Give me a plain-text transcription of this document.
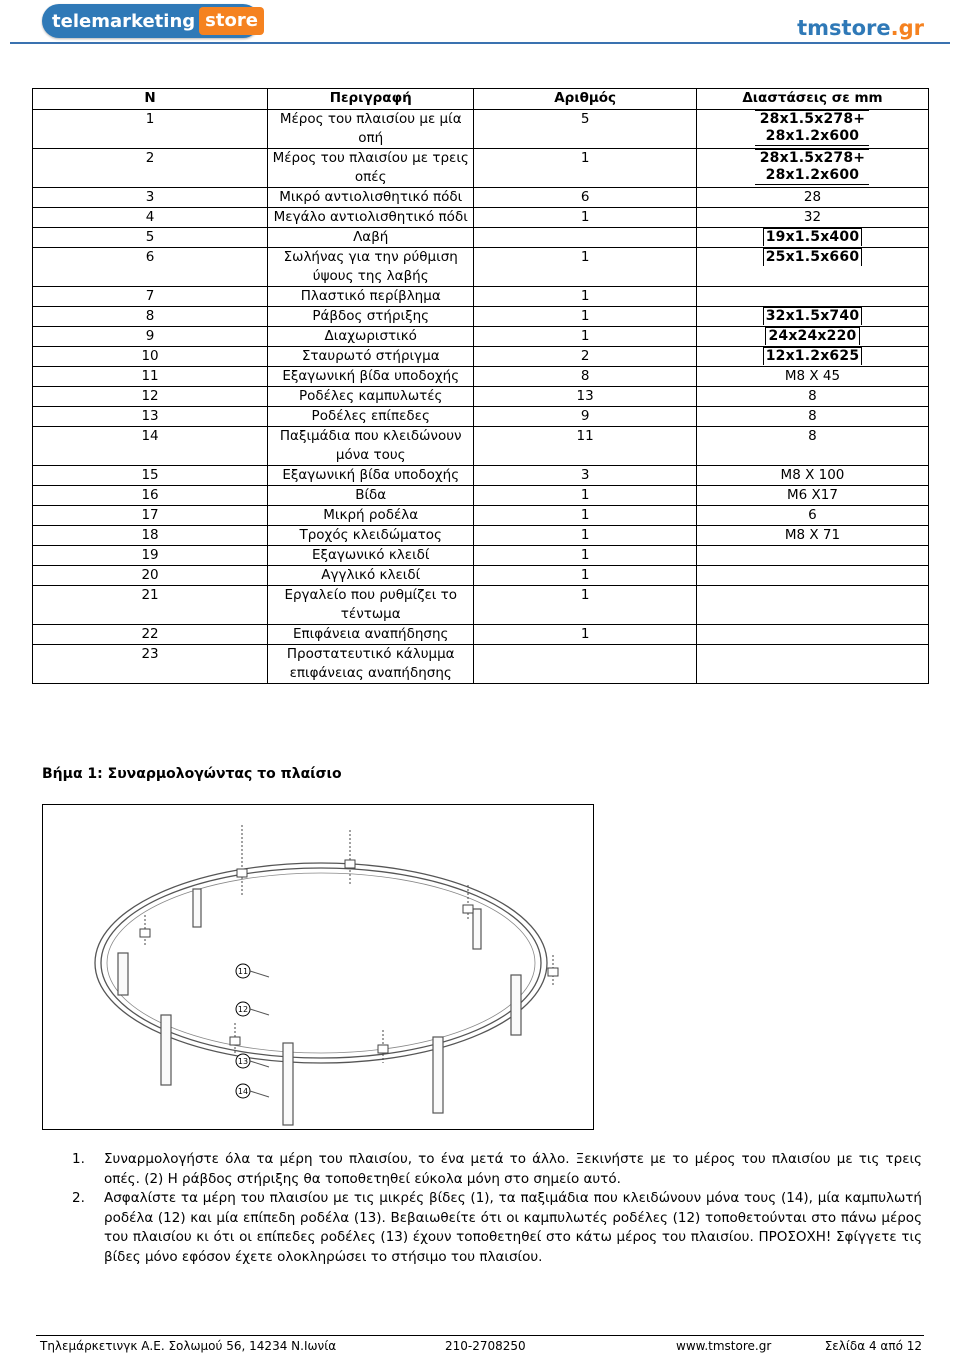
telemarketing store	®
tmstore.gr
N	Περιγραφή	Αριθμός	Διαστάσεις σε mm
1	Μέρος του πλαισίου με μία οπή	5	28x1.5x278+
28x1.2x600

2	Μέρος του πλαισίου με τρεις οπές	1	28x1.5x278+
28x1.2x600

3	Μικρό αντιολισθητικό πόδι	6	28

4	Μεγάλο αντιολισθητικό πόδι	1	32

5	Λαβή		19x1.5x400
6	Σωλήνας για την ρύθμιση ύψους της λαβής	1	25x1.5x660
7	Πλαστικό περίβλημα	1	

8	Ράβδος στήριξης	1	32x1.5x740
9	Διαχωριστικό	1	24x24x220
10	Σταυρωτό στήριγμα	2	12x1.2x625
11	Εξαγωνική βίδα υποδοχής	8	M8 X 45

12	Ροδέλες καμπυλωτές	13	8

13	Ροδέλες επίπεδες	9	8

14	Παξιμάδια που κλειδώνουν μόνα τους	11	8

15	Εξαγωνική βίδα υποδοχής	3	M8 X 100

16	Βίδα	1	M6 X17

17	Μικρή ροδέλα	1	6

18	Τροχός κλειδώματος	1	M8 X 71

19	Εξαγωνικό κλειδί	1	

20	Αγγλικό κλειδί	1	

21	Εργαλείο που ρυθμίζει το τέντωμα	1	

22	Επιφάνεια αναπήδησης	1	

23	Προστατευτικό κάλυμμα επιφάνειας αναπήδησης		
Βήμα 1: Συναρμολογώντας το πλαίσιο
11
12
13
14
1. Συναρμολογήστε όλα τα μέρη του πλαισίου, το ένα μετά το άλλο. Ξεκινήστε με το μέρος του πλαισίου με τις τρεις οπές. (2) Η ράβδος στήριξης θα τοποθετηθεί εύκολα μόνη στο σημείο αυτό.
2. Ασφαλίστε τα μέρη του πλαισίου με τις μικρές βίδες (1), τα παξιμάδια που κλειδώνουν μόνα τους (14), μία καμπυλωτή ροδέλα (12) και μία επίπεδη ροδέλα (13). Βεβαιωθείτε ότι οι καμπυλωτές ροδέλες (12) τοποθετούνται στο πάνω μέρος του πλαισίου κι ότι οι επίπεδες ροδέλες (13) έχουν τοποθετηθεί στο κάτω μέρος του πλαισίου. ΠΡΟΣΟΧΗ! Σφίγγετε τις βίδες μόνο εφόσον έχετε ολοκληρώσει το στήσιμο του πλαισίου.
Τηλεμάρκετινγκ Α.Ε. Σολωμού 56, 14234 Ν.Ιωνία	210-2708250	www.tmstore.gr	Σελίδα 4 από 12
